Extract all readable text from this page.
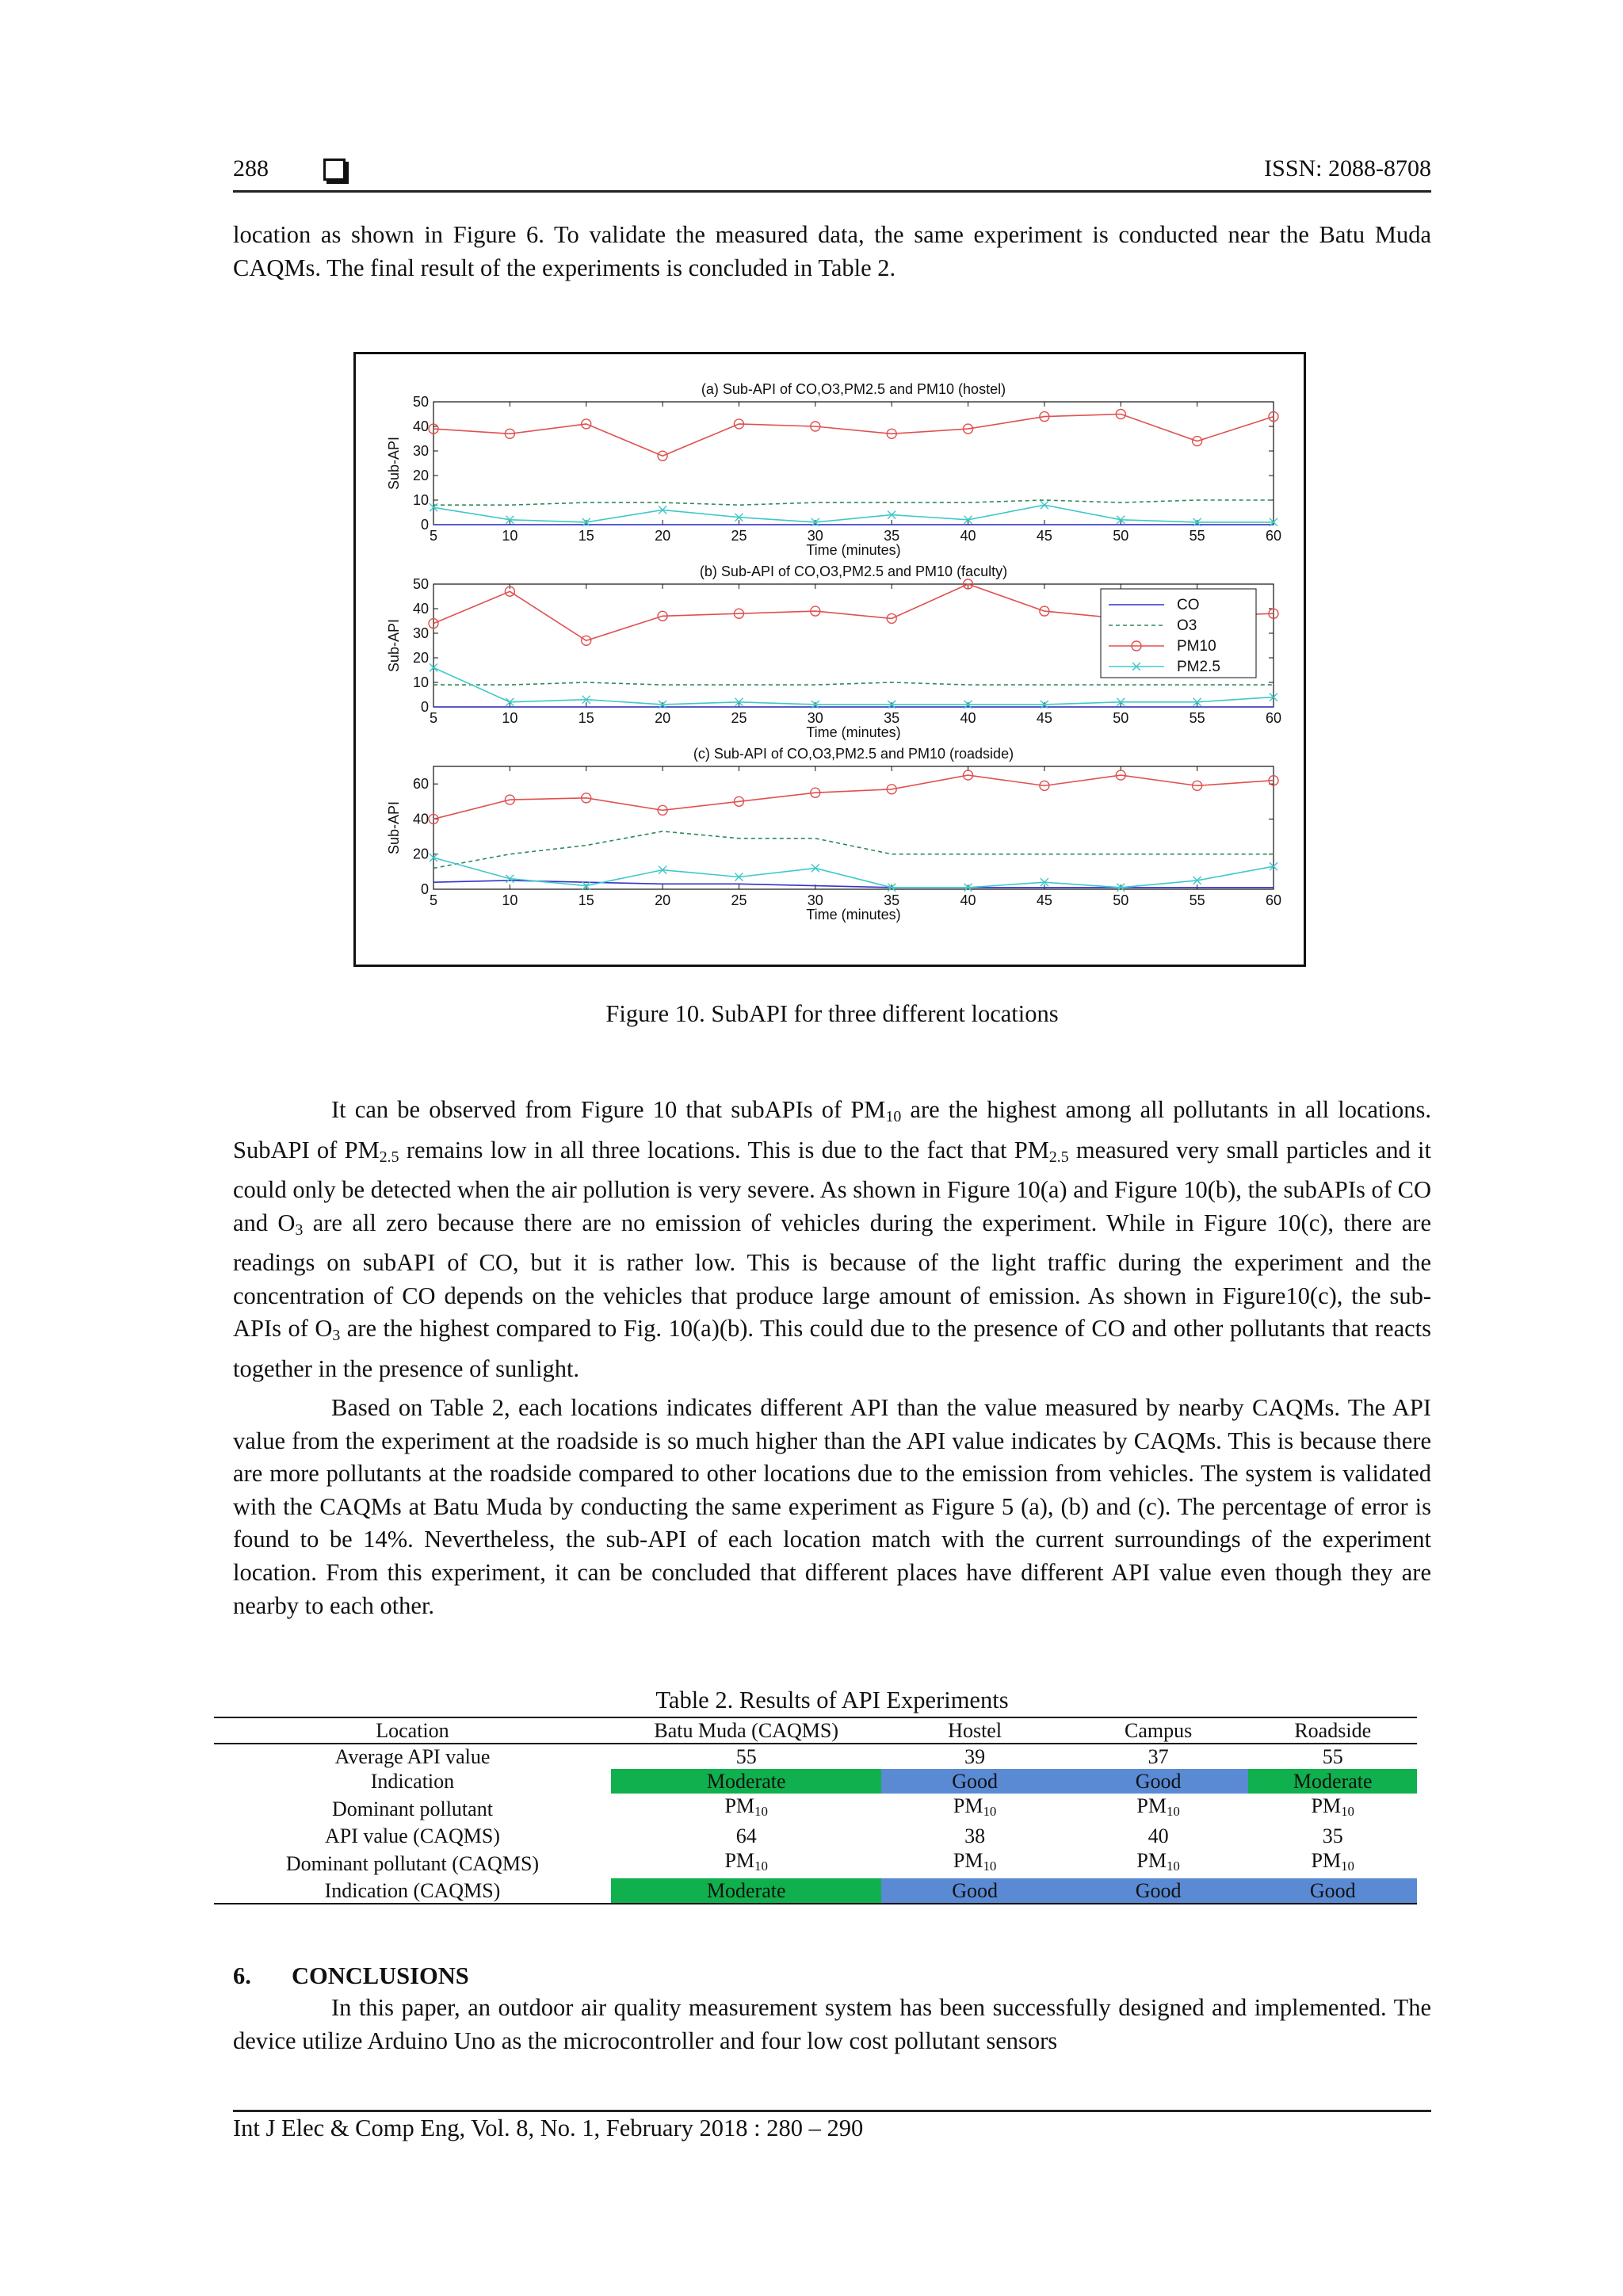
288	ISSN: 2088-8708

location as shown in Figure 6. To validate the measured data, the same experiment is conducted near the Batu Muda CAQMs. The final result of the experiments is concluded in Table 2.

(a) Sub-API of CO,O3,PM2.5 and PM10 (hostel)
0
10
20
30
40
50
5	10	15	20	25	30	35	40	45	50	55	60
Time (minutes)
Sub-API
(b) Sub-API of CO,O3,PM2.5 and PM10 (faculty)
0
10
20
30
40
50
5	10	15	20	25	30	35	40	45	50	55	60
Time (minutes)
Sub-API
CO
O3
PM10
PM2.5
(c) Sub-API of CO,O3,PM2.5 and PM10 (roadside)
0
20
40
60
5	10	15	20	25	30	35	40	45	50	55	60
Time (minutes)
Sub-API
Figure 10. SubAPI for three different locations

It can be observed from Figure 10 that subAPIs of $PM_{10}$ are the highest among all pollutants in all locations. SubAPI of $PM_{2.5}$ remains low in all three locations. This is due to the fact that $PM_{2.5}$ measured very small particles and it could only be detected when the air pollution is very severe. As shown in Figure 10(a) and Figure 10(b), the subAPIs of CO and $O_3$ are all zero because there are no emission of vehicles during the experiment. While in Figure 10(c), there are readings on subAPI of CO, but it is rather low. This is because of the light traffic during the experiment and the concentration of CO depends on the vehicles that produce large amount of emission. As shown in Figure10(c), the sub-APIs of $O_3$ are the highest compared to Fig. 10(a)(b). This could due to the presence of CO and other pollutants that reacts together in the presence of sunlight.

Based on Table 2, each locations indicates different API than the value measured by nearby CAQMs. The API value from the experiment at the roadside is so much higher than the API value indicates by CAQMs. This is because there are more pollutants at the roadside compared to other locations due to the emission from vehicles. The system is validated with the CAQMs at Batu Muda by conducting the same experiment as Figure 5 (a), (b) and (c). The percentage of error is found to be 14%. Nevertheless, the sub-API of each location match with the current surroundings of the experiment location. From this experiment, it can be concluded that different places have different API value even though they are nearby to each other.

Table 2. Results of API Experiments
Location	Batu Muda (CAQMS)	Hostel	Campus	Roadside
Average API value	55	39	37	55
Indication	Moderate	Good	Good	Moderate
Dominant pollutant	$PM_{10}$	$PM_{10}$	$PM_{10}$	$PM_{10}$
API value (CAQMS)	64	38	40	35
Dominant pollutant (CAQMS)	$PM_{10}$	$PM_{10}$	$PM_{10}$	$PM_{10}$
Indication (CAQMS)	Moderate	Good	Good	Good
6. CONCLUSIONS

In this paper, an outdoor air quality measurement system has been successfully designed and implemented. The device utilize Arduino Uno as the microcontroller and four low cost pollutant sensors

Int J Elec & Comp Eng, Vol. 8, No. 1, February 2018 : 280 – 290
